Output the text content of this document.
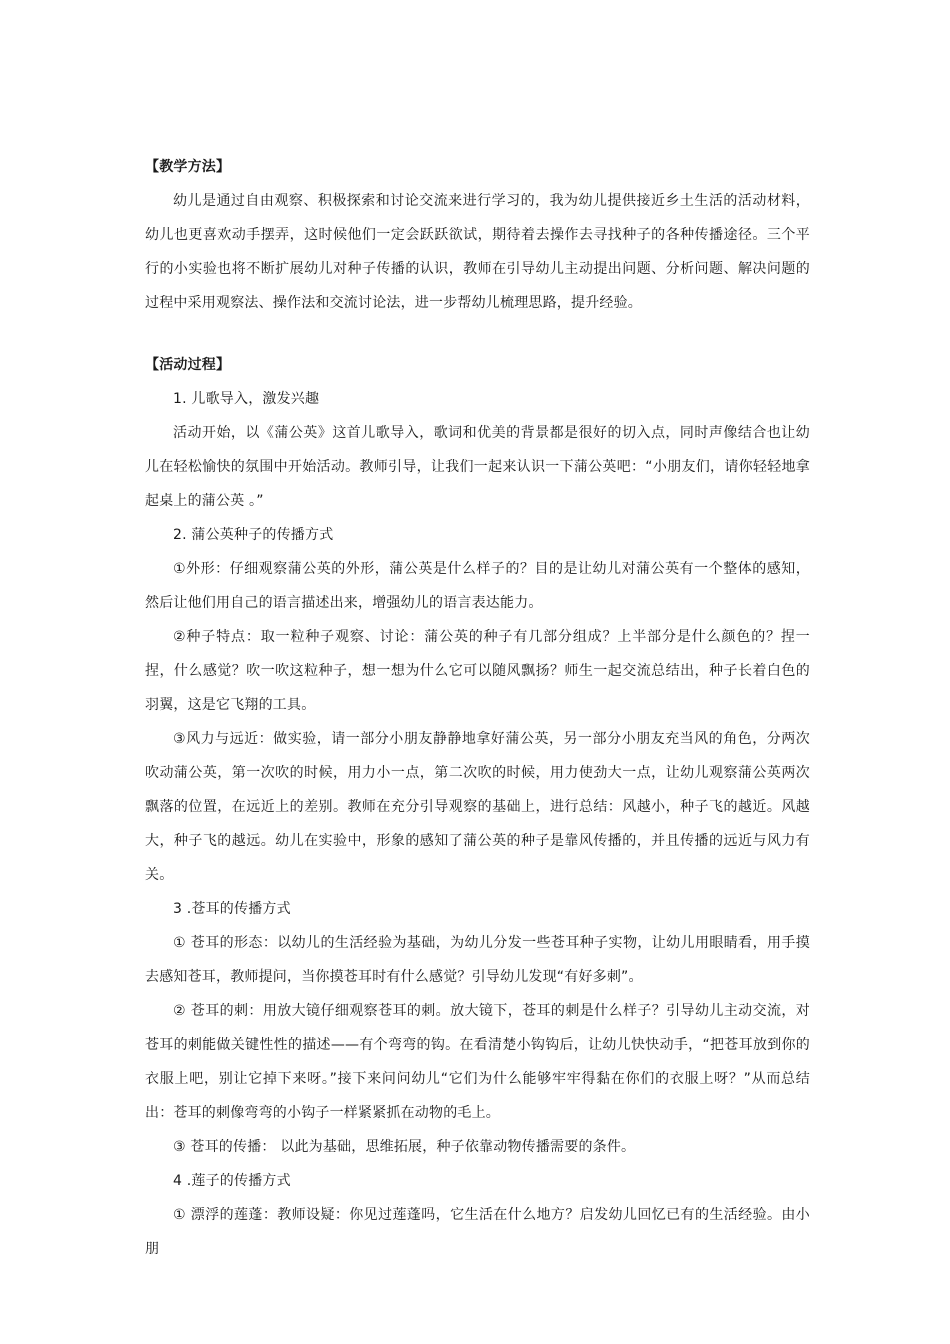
【教学方法】

幼儿是通过自由观察、积极探索和讨论交流来进行学习的，我为幼儿提供接近乡土生活的活动材料，幼儿也更喜欢动手摆弄，这时候他们一定会跃跃欲试，期待着去操作去寻找种子的各种传播途径。三个平行的小实验也将不断扩展幼儿对种子传播的认识，教师在引导幼儿主动提出问题、分析问题、解决问题的过程中采用观察法、操作法和交流讨论法，进一步帮幼儿梳理思路，提升经验。

【活动过程】
1. 儿歌导入，激发兴趣

活动开始，以《蒲公英》这首儿歌导入，歌词和优美的背景都是很好的切入点，同时声像结合也让幼儿在轻松愉快的氛围中开始活动。教师引导，让我们一起来认识一下蒲公英吧：“小朋友们，请你轻轻地拿起桌上的蒲公英 。”

2. 蒲公英种子的传播方式

①外形：仔细观察蒲公英的外形，蒲公英是什么样子的？目的是让幼儿对蒲公英有一个整体的感知，然后让他们用自己的语言描述出来，增强幼儿的语言表达能力。

②种子特点：取一粒种子观察、讨论：蒲公英的种子有几部分组成？上半部分是什么颜色的？捏一捏，什么感觉？吹一吹这粒种子，想一想为什么它可以随风飘扬？师生一起交流总结出，种子长着白色的羽翼，这是它飞翔的工具。

③风力与远近：做实验，请一部分小朋友静静地拿好蒲公英，另一部分小朋友充当风的角色，分两次吹动蒲公英，第一次吹的时候，用力小一点，第二次吹的时候，用力使劲大一点，让幼儿观察蒲公英两次飘落的位置，在远近上的差别。教师在充分引导观察的基础上，进行总结：风越小，种子飞的越近。风越大，种子飞的越远。幼儿在实验中，形象的感知了蒲公英的种子是靠风传播的，并且传播的远近与风力有关。

3 .苍耳的传播方式

① 苍耳的形态：以幼儿的生活经验为基础，为幼儿分发一些苍耳种子实物，让幼儿用眼睛看，用手摸去感知苍耳，教师提问，当你摸苍耳时有什么感觉？引导幼儿发现“有好多刺”。

② 苍耳的刺：用放大镜仔细观察苍耳的刺。放大镜下，苍耳的刺是什么样子？引导幼儿主动交流，对苍耳的刺能做关键性性的描述——有个弯弯的钩。在看清楚小钩钩后，让幼儿快快动手，“把苍耳放到你的衣服上吧，别让它掉下来呀。”接下来问问幼儿“它们为什么能够牢牢得黏在你们的衣服上呀？”从而总结出：苍耳的刺像弯弯的小钩子一样紧紧抓在动物的毛上。

③ 苍耳的传播： 以此为基础，思维拓展，种子依靠动物传播需要的条件。

4 .莲子的传播方式

① 漂浮的莲蓬：教师设疑：你见过莲蓬吗，它生活在什么地方？启发幼儿回忆已有的生活经验。由小朋
